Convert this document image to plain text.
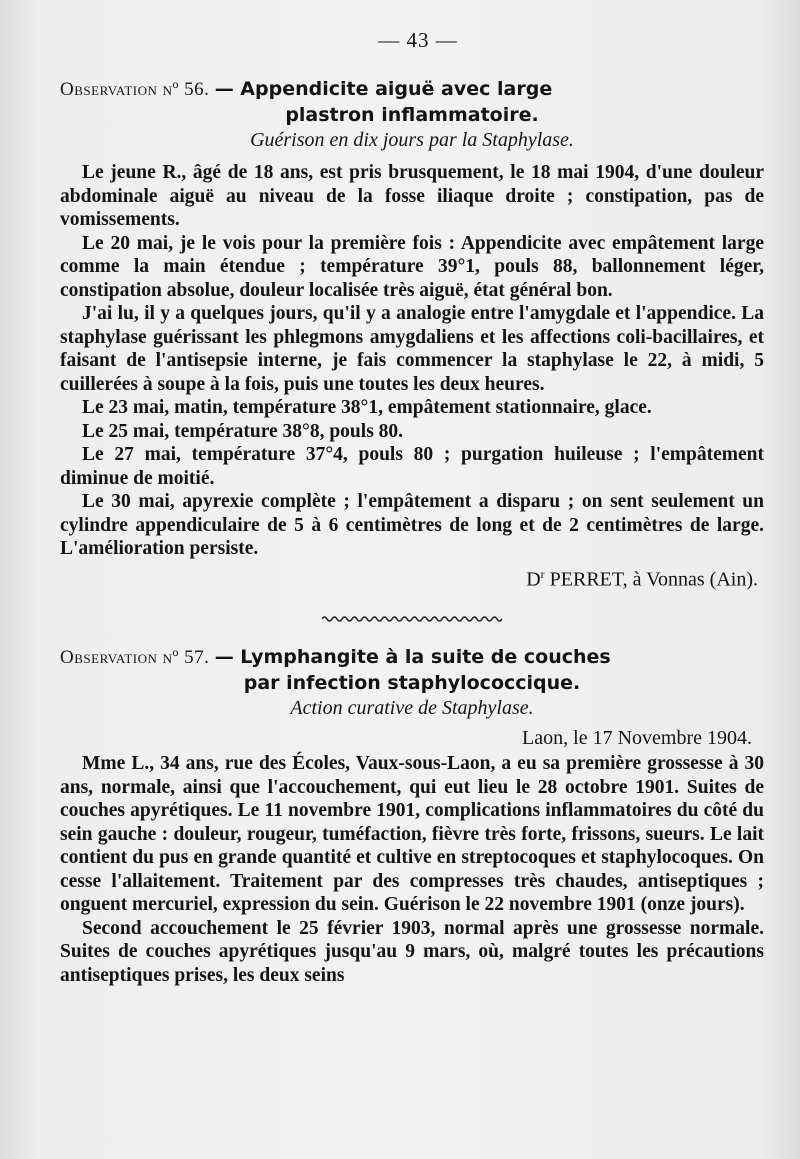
— 43 —
Observation nº 56. — Appendicite aiguë avec large
plastron inflammatoire.
Guérison en dix jours par la Staphylase.

Le jeune R., âgé de 18 ans, est pris brusquement, le 18 mai 1904, d'une douleur abdominale aiguë au niveau de la fosse iliaque droite ; constipation, pas de vomissements.

Le 20 mai, je le vois pour la première fois : Appendicite avec empâtement large comme la main étendue ; température 39°1, pouls 88, ballonnement léger, constipation absolue, douleur localisée très aiguë, état général bon.

J'ai lu, il y a quelques jours, qu'il y a analogie entre l'amygdale et l'appendice. La staphylase guérissant les phlegmons amygdaliens et les affections coli-bacillaires, et faisant de l'antisepsie interne, je fais commencer la staphylase le 22, à midi, 5 cuillerées à soupe à la fois, puis une toutes les deux heures.

Le 23 mai, matin, température 38°1, empâtement stationnaire, glace.

Le 25 mai, température 38°8, pouls 80.

Le 27 mai, température 37°4, pouls 80 ; purgation huileuse ; l'empâtement diminue de moitié.

Le 30 mai, apyrexie complète ; l'empâtement a disparu ; on sent seulement un cylindre appendiculaire de 5 à 6 centimètres de long et de 2 centimètres de large. L'amélioration persiste.

$D^r$ PERRET, à Vonnas (Ain).
Observation nº 57. — Lymphangite à la suite de couches
par infection staphylococcique.
Action curative de Staphylase.
Laon, le 17 Novembre 1904.

Mme L., 34 ans, rue des Écoles, Vaux-sous-Laon, a eu sa première grossesse à 30 ans, normale, ainsi que l'accouchement, qui eut lieu le 28 octobre 1901. Suites de couches apyrétiques. Le 11 novembre 1901, complications inflammatoires du côté du sein gauche : douleur, rougeur, tuméfaction, fièvre très forte, frissons, sueurs. Le lait contient du pus en grande quantité et cultive en streptocoques et staphylocoques. On cesse l'allaitement. Traitement par des compresses très chaudes, antiseptiques ; onguent mercuriel, expression du sein. Guérison le 22 novembre 1901 (onze jours).

Second accouchement le 25 février 1903, normal après une grossesse normale. Suites de couches apyrétiques jusqu'au 9 mars, où, malgré toutes les précautions antiseptiques prises, les deux seins
